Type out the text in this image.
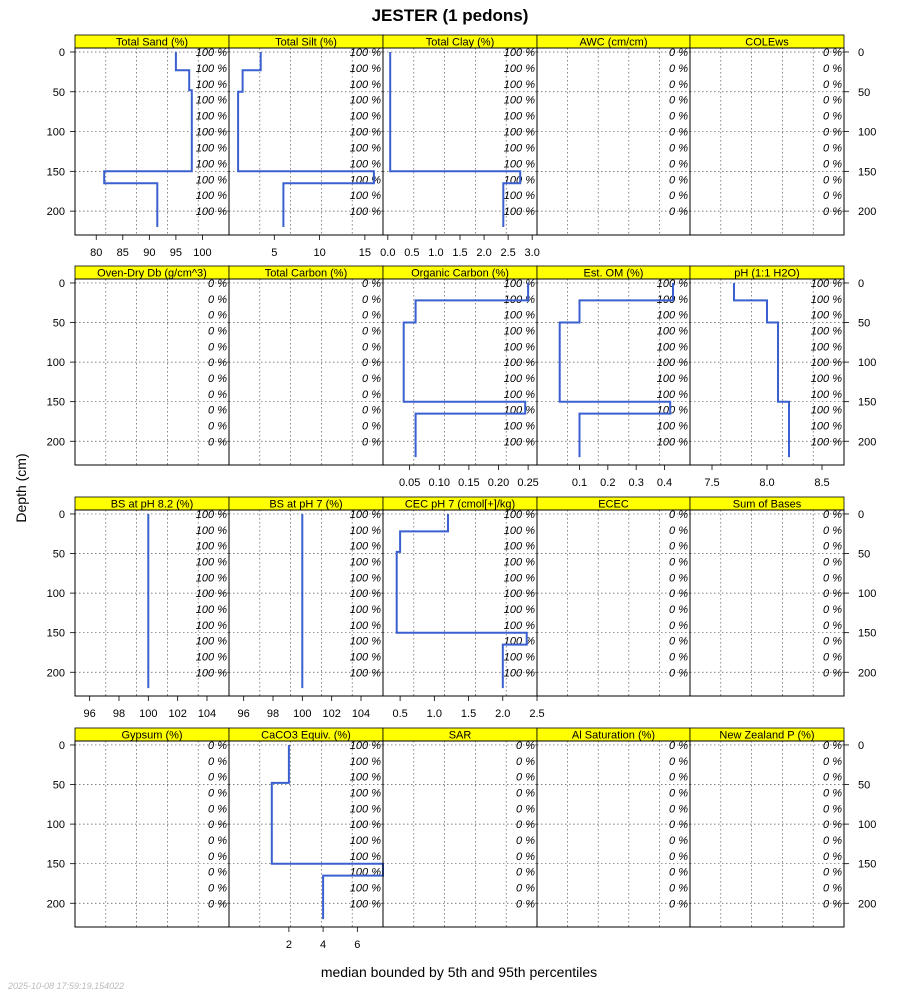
JESTER (1 pedons)
Total Sand (%)
100 %
100 %
100 %
100 %
100 %
100 %
100 %
100 %
100 %
100 %
100 %
80 85 90 95 100
Total Silt (%)
100 %
100 %
100 %
100 %
100 %
100 %
100 %
100 %
100 %
100 %
100 %
5	10	15
Total Clay (%)
100 %
100 %
100 %
100 %
100 %
100 %
100 %
100 %
100 %
100 %
100 %
0.0 0.5 1.0 1.5 2.0 2.5 3.0
AWC (cm/cm)
0 %
0 %
0 %
0 %
0 %
0 %
0 %
0 %
0 %
0 %
0 %
COLEws
0 %
0 %
0 %
0 %
0 %
0 %
0 %
0 %
0 %
0 %
0 %
Oven-Dry Db (g/cm^3)
0 %
0 %
0 %
0 %
0 %
0 %
0 %
0 %
0 %
0 %
0 %
Total Carbon (%)
0 %
0 %
0 %
0 %
0 %
0 %
0 %
0 %
0 %
0 %
0 %
Organic Carbon (%)
100 %
100 %
100 %
100 %
100 %
100 %
100 %
100 %
100 %
100 %
100 %
0.05 0.10 0.15 0.20 0.25
Est. OM (%)
100 %
100 %
100 %
100 %
100 %
100 %
100 %
100 %
100 %
100 %
100 %
0.1 0.2 0.3 0.4
pH (1:1 H2O)
100 %
100 %
100 %
100 %
100 %
100 %
100 %
100 %
100 %
100 %
100 %
7.5	8.0	8.5
BS at pH 8.2 (%)
100 %
100 %
100 %
100 %
100 %
100 %
100 %
100 %
100 %
100 %
100 %
96 98 100 102 104
BS at pH 7 (%)
100 %
100 %
100 %
100 %
100 %
100 %
100 %
100 %
100 %
100 %
100 %
96 98 100 102 104
CEC pH 7 (cmol[+]/kg)
100 %
100 %
100 %
100 %
100 %
100 %
100 %
100 %
100 %
100 %
100 %
0.5 1.0 1.5 2.0 2.5
ECEC
0 %
0 %
0 %
0 %
0 %
0 %
0 %
0 %
0 %
0 %
0 %
Sum of Bases
0 %
0 %
0 %
0 %
0 %
0 %
0 %
0 %
0 %
0 %
0 %
Gypsum (%)
0 %
0 %
0 %
0 %
0 %
0 %
0 %
0 %
0 %
0 %
0 %
CaCO3 Equiv. (%)
100 %
100 %
100 %
100 %
100 %
100 %
100 %
100 %
100 %
100 %
100 %
2	4	6
SAR
0 %
0 %
0 %
0 %
0 %
0 %
0 %
0 %
0 %
0 %
0 %
Al Saturation (%)
0 %
0 %
0 %
0 %
0 %
0 %
0 %
0 %
0 %
0 %
0 %
New Zealand P (%)
0 %
0 %
0 %
0 %
0 %
0 %
0 %
0 %
0 %
0 %
0 %
0	0
50	50
100	100
150	150
200	200
0	0
50	50
100	100
150	150
200	200
0	0
50	50
100	100
150	150
200	200
0	0
50	50
100	100
150	150
200	200
Depth (cm)
median bounded by 5th and 95th percentiles
2025-10-08 17:59:19.154022
